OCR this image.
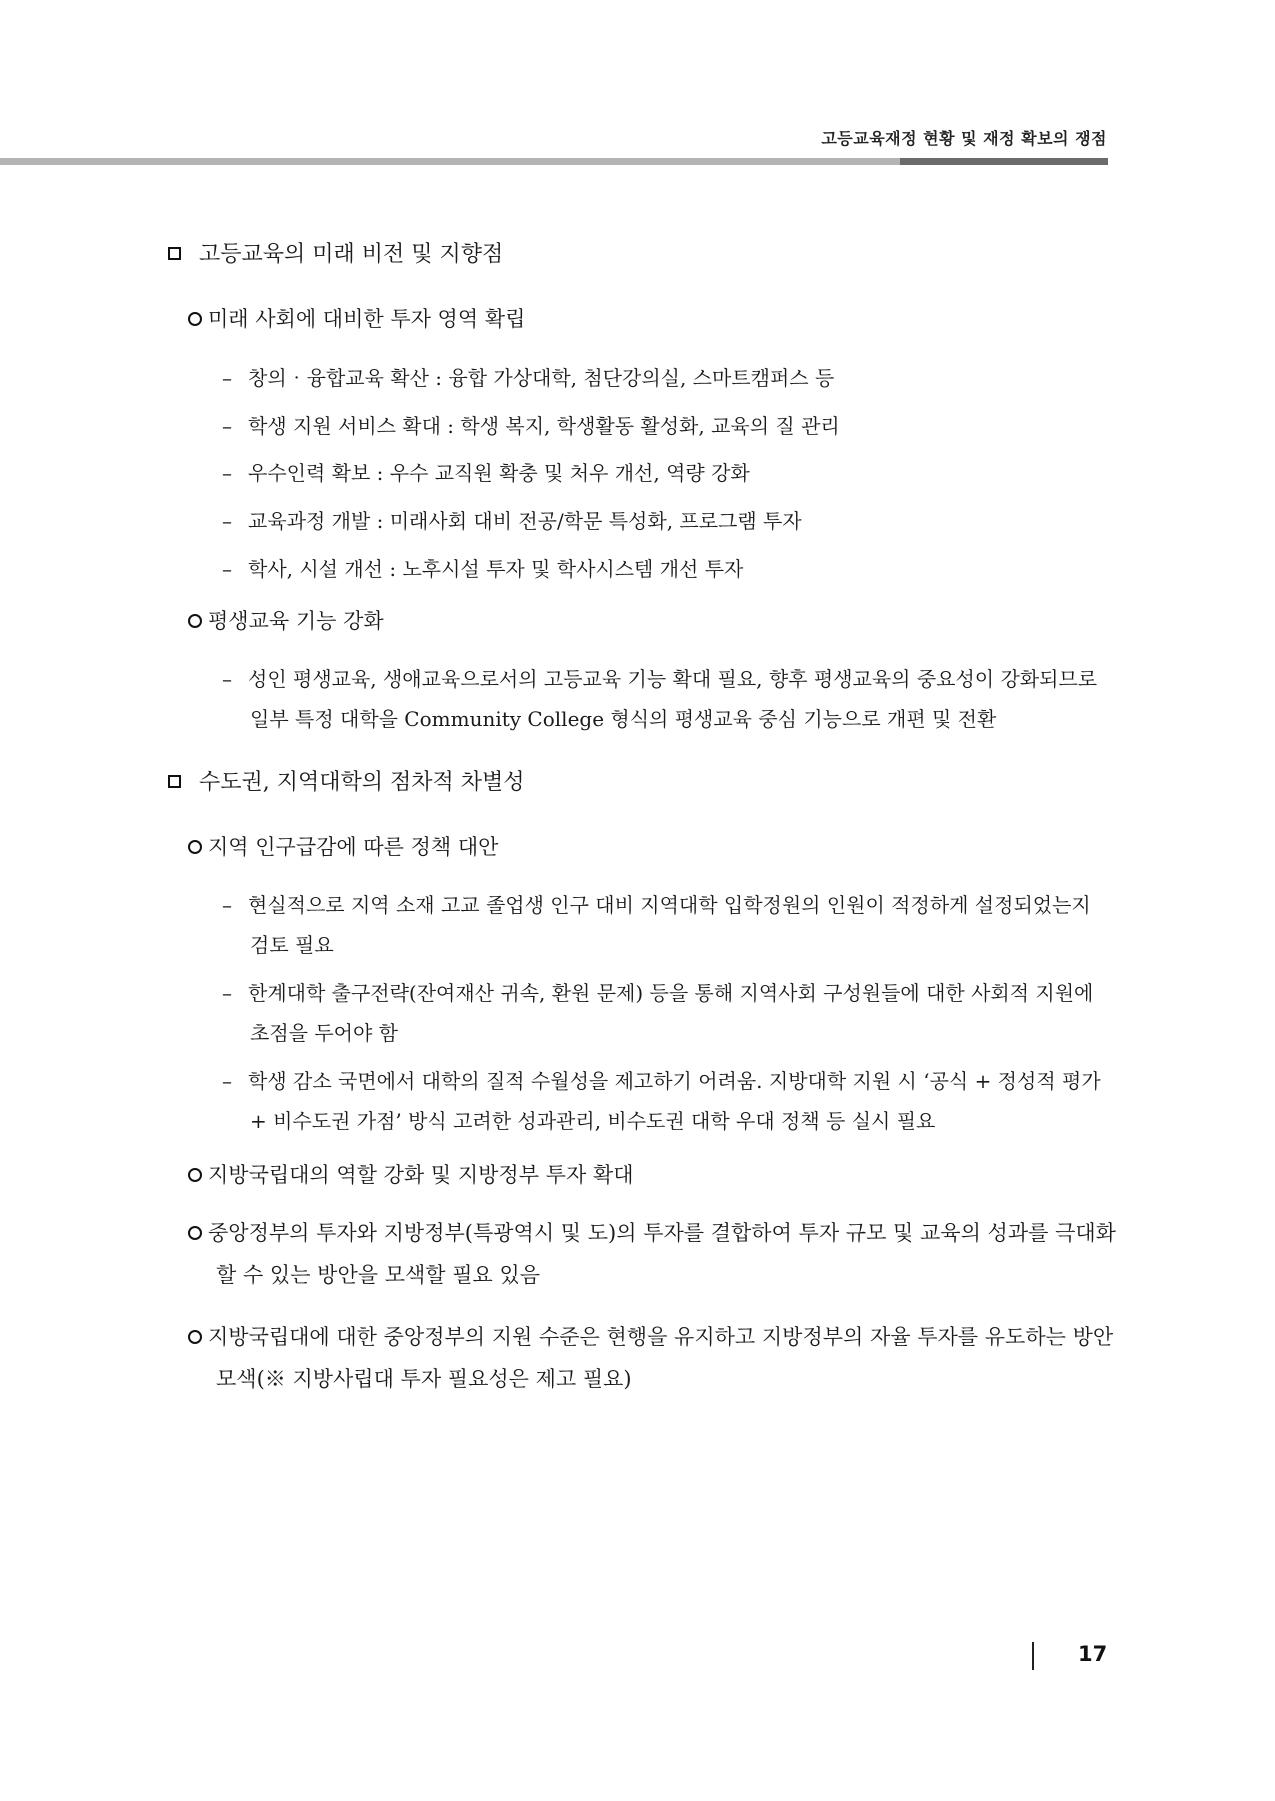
고등교육재정 현황 및 재정 확보의 쟁점
고등교육의 미래 비전 및 지향점
미래 사회에 대비한 투자 영역 확립
– 창의‧융합교육 확산 : 융합 가상대학, 첨단강의실, 스마트캠퍼스 등
– 학생 지원 서비스 확대 : 학생 복지, 학생활동 활성화, 교육의 질 관리
– 우수인력 확보 : 우수 교직원 확충 및 처우 개선, 역량 강화
– 교육과정 개발 : 미래사회 대비 전공/학문 특성화, 프로그램 투자
– 학사, 시설 개선 : 노후시설 투자 및 학사시스템 개선 투자
평생교육 기능 강화
– 성인 평생교육, 생애교육으로서의 고등교육 기능 확대 필요, 향후 평생교육의 중요성이 강화되므로
일부 특정 대학을 Community College 형식의 평생교육 중심 기능으로 개편 및 전환
수도권, 지역대학의 점차적 차별성
지역 인구급감에 따른 정책 대안
– 현실적으로 지역 소재 고교 졸업생 인구 대비 지역대학 입학정원의 인원이 적정하게 설정되었는지
검토 필요
– 한계대학 출구전략(잔여재산 귀속, 환원 문제) 등을 통해 지역사회 구성원들에 대한 사회적 지원에
초점을 두어야 함
– 학생 감소 국면에서 대학의 질적 수월성을 제고하기 어려움. 지방대학 지원 시 ‘공식 + 정성적 평가
+ 비수도권 가점’ 방식 고려한 성과관리, 비수도권 대학 우대 정책 등 실시 필요
지방국립대의 역할 강화 및 지방정부 투자 확대
중앙정부의 투자와 지방정부(특광역시 및 도)의 투자를 결합하여 투자 규모 및 교육의 성과를 극대화
할 수 있는 방안을 모색할 필요 있음
지방국립대에 대한 중앙정부의 지원 수준은 현행을 유지하고 지방정부의 자율 투자를 유도하는 방안
모색(※ 지방사립대 투자 필요성은 제고 필요)
17
